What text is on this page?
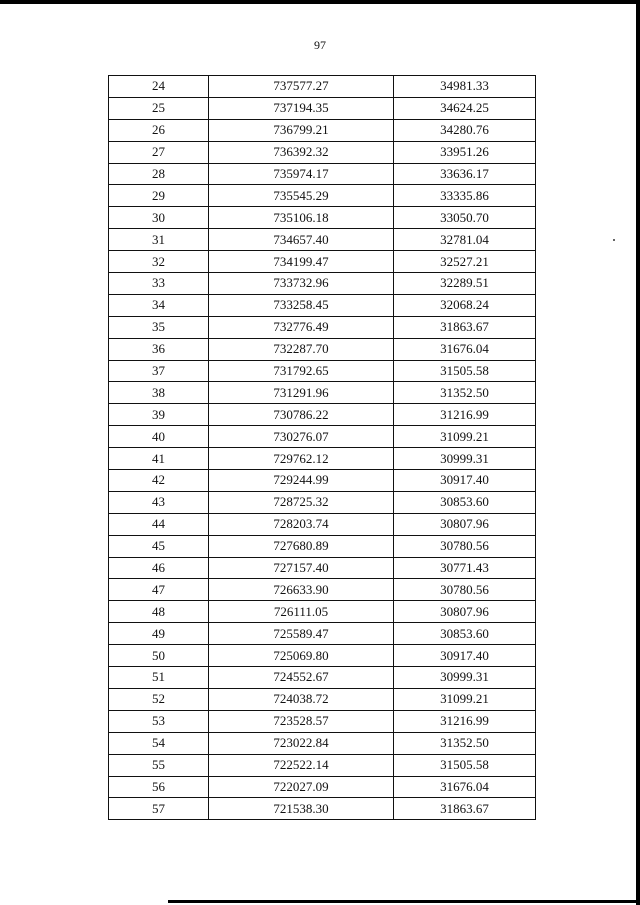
97
24	737577.27	34981.33
25	737194.35	34624.25
26	736799.21	34280.76
27	736392.32	33951.26
28	735974.17	33636.17
29	735545.29	33335.86
30	735106.18	33050.70
31	734657.40	32781.04
32	734199.47	32527.21
33	733732.96	32289.51
34	733258.45	32068.24
35	732776.49	31863.67
36	732287.70	31676.04
37	731792.65	31505.58
38	731291.96	31352.50
39	730786.22	31216.99
40	730276.07	31099.21
41	729762.12	30999.31
42	729244.99	30917.40
43	728725.32	30853.60
44	728203.74	30807.96
45	727680.89	30780.56
46	727157.40	30771.43
47	726633.90	30780.56
48	726111.05	30807.96
49	725589.47	30853.60
50	725069.80	30917.40
51	724552.67	30999.31
52	724038.72	31099.21
53	723528.57	31216.99
54	723022.84	31352.50
55	722522.14	31505.58
56	722027.09	31676.04
57	721538.30	31863.67
